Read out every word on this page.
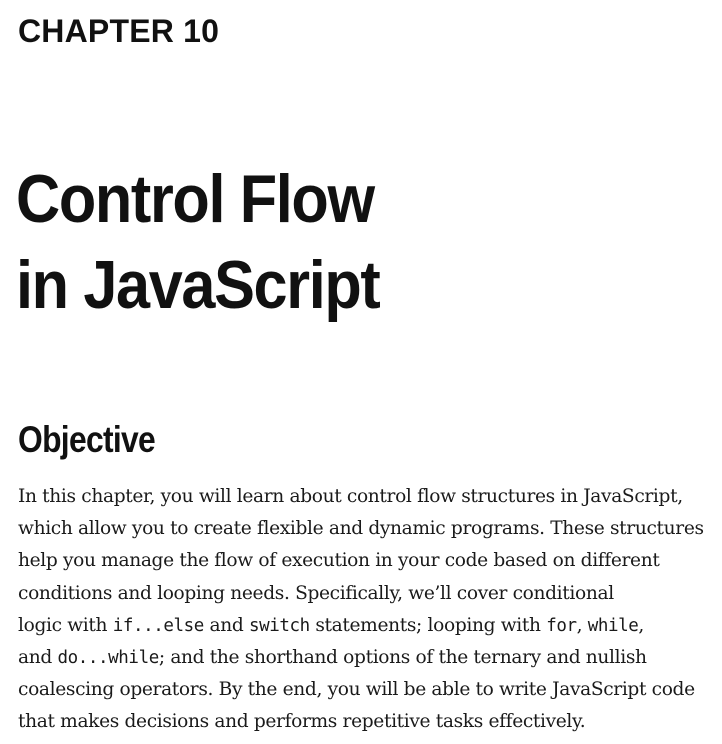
CHAPTER 10
Control Flow
in JavaScript
Objective
In this chapter, you will learn about control flow structures in JavaScript,
which allow you to create flexible and dynamic programs. These structures
help you manage the flow of execution in your code based on different
conditions and looping needs. Specifically, we’ll cover conditional
logic with if...else and switch statements; looping with for, while,
and do...while; and the shorthand options of the ternary and nullish
coalescing operators. By the end, you will be able to write JavaScript code
that makes decisions and performs repetitive tasks effectively.
